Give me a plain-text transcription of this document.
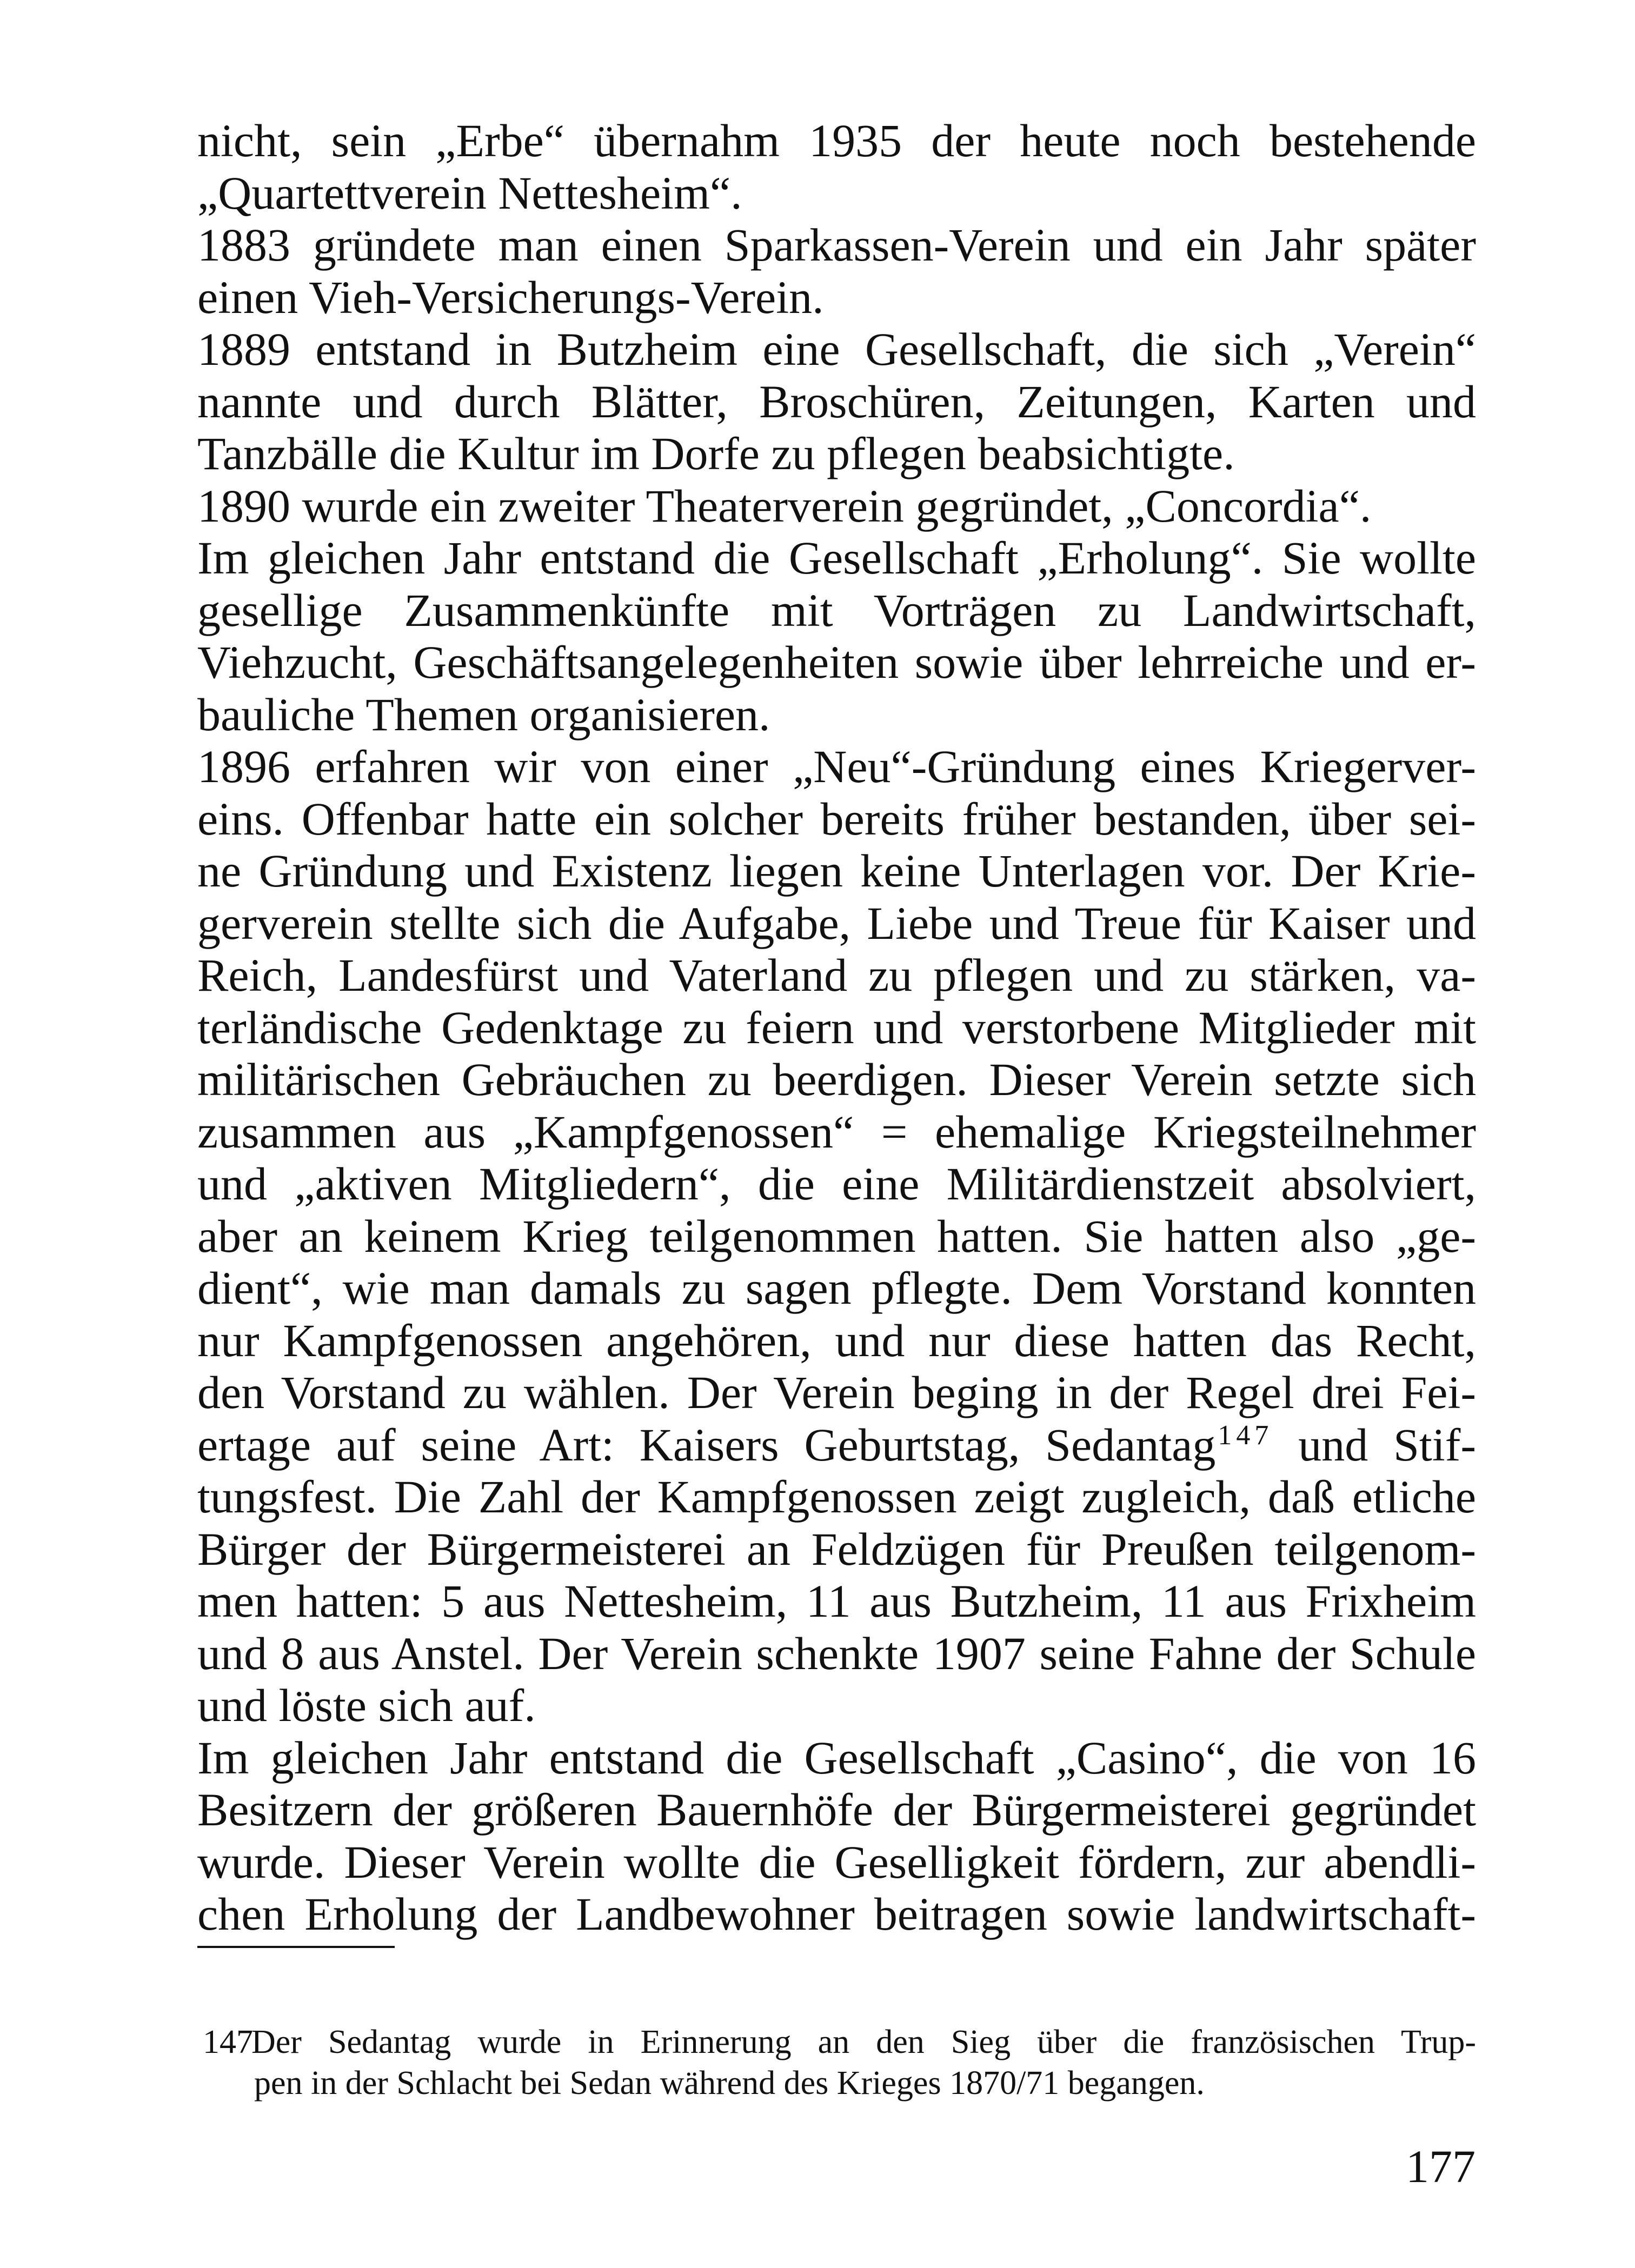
nicht, sein „Erbe“ übernahm 1935 der heute noch bestehende
„Quartettverein Nettesheim“.
1883 gründete man einen Sparkassen-Verein und ein Jahr später
einen Vieh-Versicherungs-Verein.
1889 entstand in Butzheim eine Gesellschaft, die sich „Verein“
nannte und durch Blätter, Broschüren, Zeitungen, Karten und
Tanzbälle die Kultur im Dorfe zu pflegen beabsichtigte.
1890 wurde ein zweiter Theaterverein gegründet, „Concordia“.
Im gleichen Jahr entstand die Gesellschaft „Erholung“. Sie wollte
gesellige Zusammenkünfte mit Vorträgen zu Landwirtschaft,
Viehzucht, Geschäftsangelegenheiten sowie über lehrreiche und er-
bauliche Themen organisieren.
1896 erfahren wir von einer „Neu“-Gründung eines Kriegerver-
eins. Offenbar hatte ein solcher bereits früher bestanden, über sei-
ne Gründung und Existenz liegen keine Unterlagen vor. Der Krie-
gerverein stellte sich die Aufgabe, Liebe und Treue für Kaiser und
Reich, Landesfürst und Vaterland zu pflegen und zu stärken, va-
terländische Gedenktage zu feiern und verstorbene Mitglieder mit
militärischen Gebräuchen zu beerdigen. Dieser Verein setzte sich
zusammen aus „Kampfgenossen“ = ehemalige Kriegsteilnehmer
und „aktiven Mitgliedern“, die eine Militärdienstzeit absolviert,
aber an keinem Krieg teilgenommen hatten. Sie hatten also „ge-
dient“, wie man damals zu sagen pflegte. Dem Vorstand konnten
nur Kampfgenossen angehören, und nur diese hatten das Recht,
den Vorstand zu wählen. Der Verein beging in der Regel drei Fei-
ertage auf seine Art: Kaisers Geburtstag, Sedantag$^{147}$ und Stif-
tungsfest. Die Zahl der Kampfgenossen zeigt zugleich, daß etliche
Bürger der Bürgermeisterei an Feldzügen für Preußen teilgenom-
men hatten: 5 aus Nettesheim, 11 aus Butzheim, 11 aus Frixheim
und 8 aus Anstel. Der Verein schenkte 1907 seine Fahne der Schule
und löste sich auf.
Im gleichen Jahr entstand die Gesellschaft „Casino“, die von 16
Besitzern der größeren Bauernhöfe der Bürgermeisterei gegründet
wurde. Dieser Verein wollte die Geselligkeit fördern, zur abendli-
chen Erholung der Landbewohner beitragen sowie landwirtschaft-
147Der Sedantag wurde in Erinnerung an den Sieg über die französischen Trup-
pen in der Schlacht bei Sedan während des Krieges 1870/71 begangen.
177
